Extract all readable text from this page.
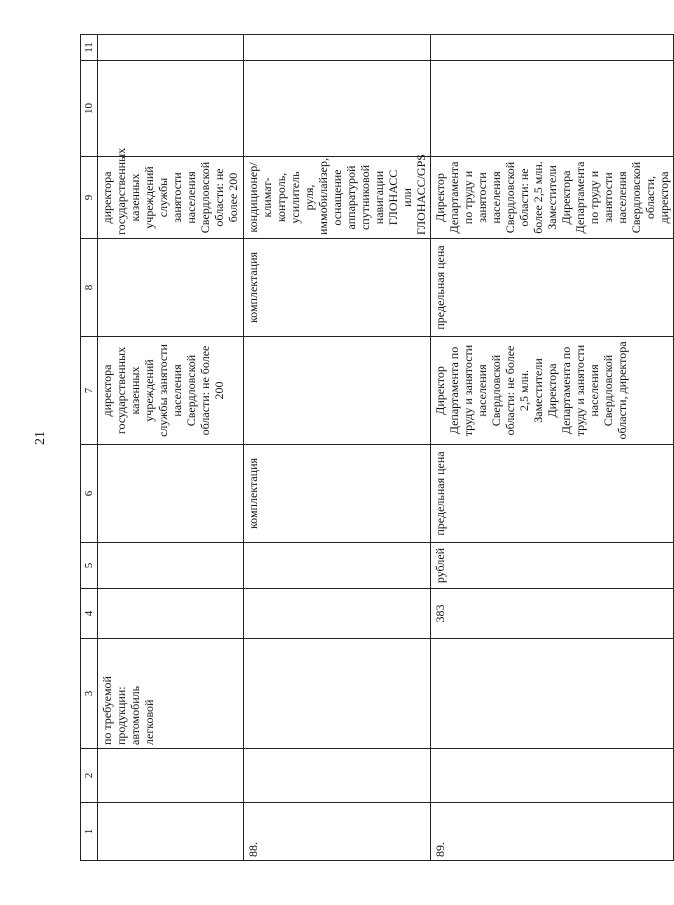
21
1	2	3	4	5	6	7	8	9	10	11
		по требуемой продукции: автомобиль легковой				директора государственных казенных учреждений службы занятости населения Свердловской области: не более 200		директора государственных казенных учреждений службы занятости населения Свердловской области: не более 200		
88.					комплектация		комплектация	кондиционер/ климат-контроль, усилитель руля, иммобилайзер, оснащение аппаратурой спутниковой навигации ГЛОНАСС или ГЛОНАСС/GPS		
89.			383	рублей	предельная цена	Директор Департамента по труду и занятости населения Свердловской области: не более 2,5 млн. Заместители Директора Департамента по труду и занятости населения Свердловской области, директора	предельная цена	Директор Департамента по труду и занятости населения Свердловской области: не более 2,5 млн. Заместители Директора Департамента по труду и занятости населения Свердловской области, директора		
